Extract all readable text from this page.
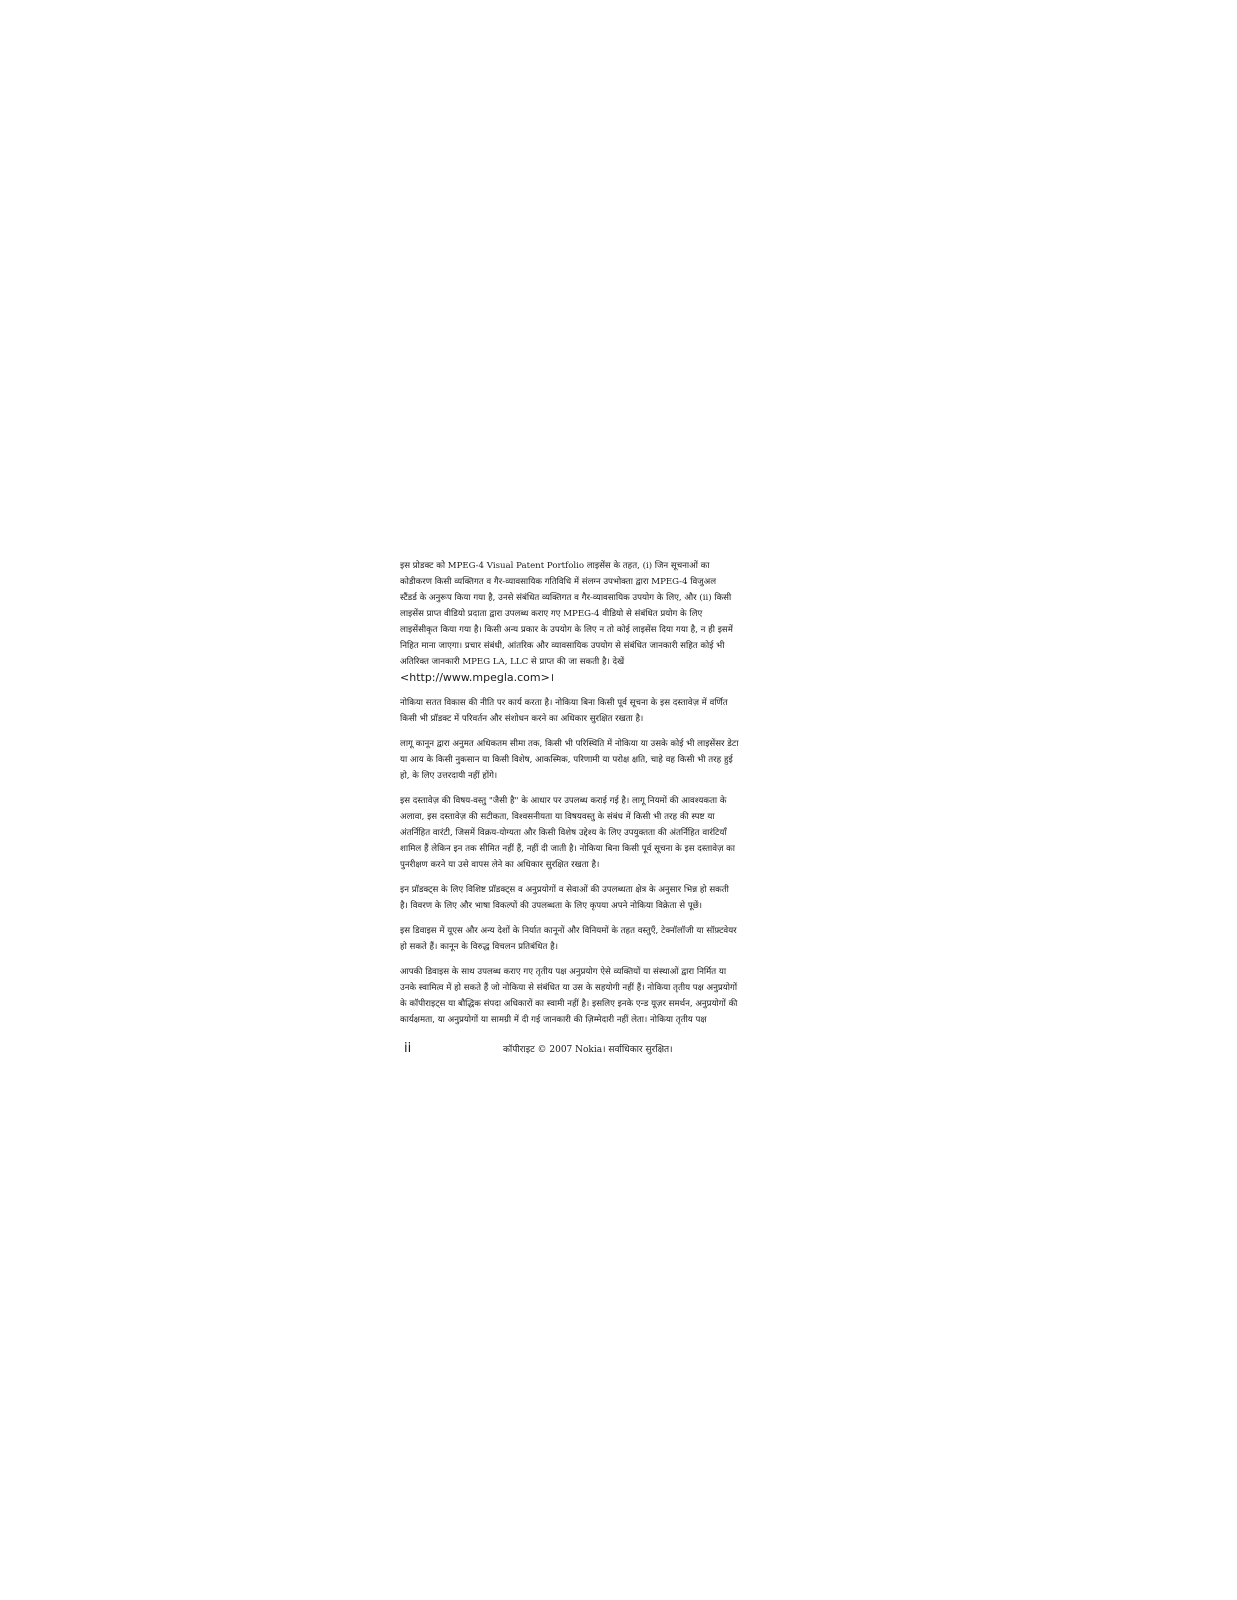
इस प्रोडक्ट को MPEG-4 Visual Patent Portfolio लाइसेंस के तहत, (i) जिन सूचनाओं का
कोडीकरण किसी व्यक्तिगत व गैर-व्यावसायिक गतिविधि में संलग्न उपभोक्ता द्वारा MPEG-4 विजुअल
स्टैंडर्ड के अनुरूप किया गया है, उनसे संबंधित व्यक्तिगत व गैर-व्यावसायिक उपयोग के लिए, और (ii) किसी
लाइसेंस प्राप्त वीडियो प्रदाता द्वारा उपलब्ध कराए गए MPEG-4 वीडियो से संबंधित प्रयोग के लिए
लाइसेंसीकृत किया गया है। किसी अन्य प्रकार के उपयोग के लिए न तो कोई लाइसेंस दिया गया है, न ही इसमें
निहित माना जाएगा। प्रचार संबंधी, आंतरिक और व्यावसायिक उपयोग से संबंधित जानकारी सहित कोई भी
अतिरिक्त जानकारी MPEG LA, LLC से प्राप्त की जा सकती है। देखें
<http://www.mpegla.com>।

नोकिया सतत विकास की नीति पर कार्य करता है। नोकिया बिना किसी पूर्व सूचना के इस दस्तावेज़ में वर्णित
किसी भी प्रॉडक्ट में परिवर्तन और संशोधन करने का अधिकार सुरक्षित रखता है।

लागू कानून द्वारा अनुमत अधिकतम सीमा तक, किसी भी परिस्थिति में नोकिया या उसके कोई भी लाइसेंसर डेटा
या आय के किसी नुकसान या किसी विशेष, आकस्मिक, परिणामी या परोक्ष क्षति, चाहे वह किसी भी तरह हुई
हो, के लिए उत्तरदायी नहीं होंगे।

इस दस्तावेज़ की विषय-वस्तु "जैसी है" के आधार पर उपलब्ध कराई गई है। लागू नियमों की आवश्यकता के
अलावा, इस दस्तावेज़ की सटीकता, विश्वसनीयता या विषयवस्तु के संबंध में किसी भी तरह की स्पष्ट या
अंतर्निहित वारंटी, जिसमें विक्रय-योग्यता और किसी विशेष उद्देश्य के लिए उपयुक्तता की अंतर्निहित वारंटियाँ
शामिल हैं लेकिन इन तक सीमित नहीं हैं, नहीं दी जाती है। नोकिया बिना किसी पूर्व सूचना के इस दस्तावेज़ का
पुनरीक्षण करने या उसे वापस लेने का अधिकार सुरक्षित रखता है।

इन प्रॉडक्ट्स के लिए विशिष्ट प्रॉडक्ट्स व अनुप्रयोगों व सेवाओं की उपलब्धता क्षेत्र के अनुसार भिन्न हो सकती
है। विवरण के लिए और भाषा विकल्पों की उपलब्धता के लिए कृपया अपने नोकिया विक्रेता से पूछें।

इस डिवाइस में यूएस और अन्य देशों के निर्यात कानूनों और विनियमों के तहत वस्तुएँ, टेक्नॉलॉजी या सॉफ़्टवेयर
हो सकते हैं। कानून के विरुद्ध विचलन प्रतिबंधित है।

आपकी डिवाइस के साथ उपलब्ध कराए गए तृतीय पक्ष अनुप्रयोग ऐसे व्यक्तियों या संस्थाओं द्वारा निर्मित या
उनके स्वामित्व में हो सकते हैं जो नोकिया से संबंधित या उस के सहयोगी नहीं हैं। नोकिया तृतीय पक्ष अनुप्रयोगों
के कॉपीराइट्स या बौद्धिक संपदा अधिकारों का स्वामी नहीं है। इसलिए इनके एन्ड यूज़र समर्थन, अनुप्रयोगों की
कार्यक्षमता, या अनुप्रयोगों या सामग्री में दी गई जानकारी की ज़िम्मेदारी नहीं लेता। नोकिया तृतीय पक्ष

ii	कॉपीराइट © 2007 Nokia। सर्वाधिकार सुरक्षित।
